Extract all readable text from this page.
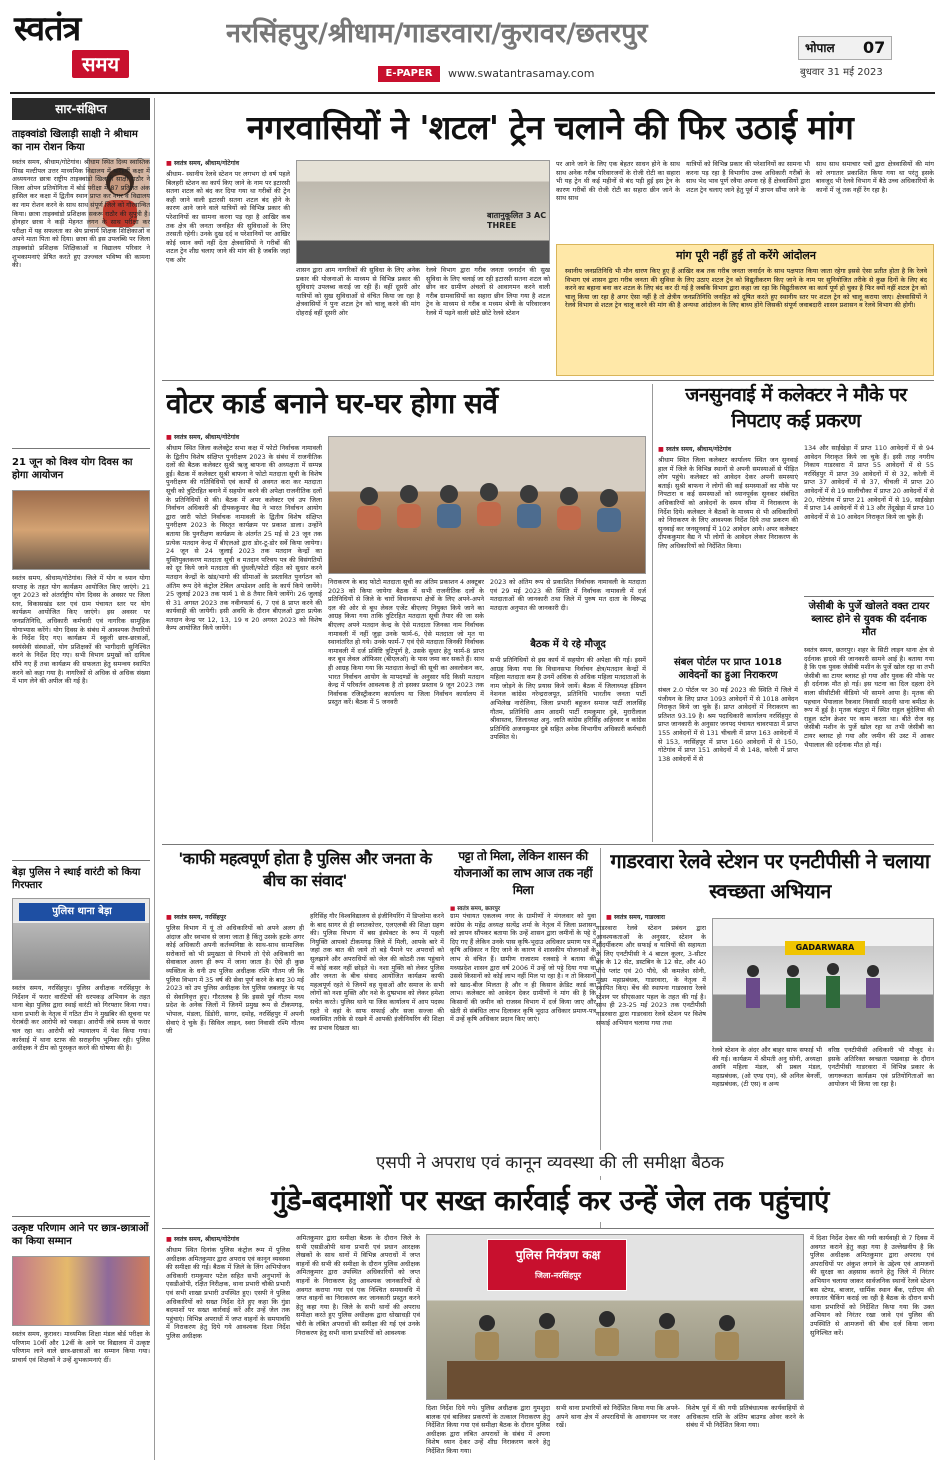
स्वतंत्र
समय
नरसिंहपुर/श्रीधाम/गाडरवारा/कुरावर/छतरपुर
E-PAPER	www.swatantrasamay.com
भोपाल 07
बुधवार 31 मई 2023
सार-संक्षिप्त
ताइक्वांडो खिलाड़ी साक्षी ने श्रीधाम का नाम रोशन किया
स्वतंत्र समय, श्रीधाम/गोटेगांव। श्रीधाम स्थित दिव्य स्वास्तिक मिस्ड मल्टीपल उत्तर माध्यमिक विद्यालय में बारहवीं कक्षा में अध्ययनरत छात्रा राष्ट्रीय ताइक्वांडो खिलाड़ी साक्षी राठौर ने जिला ओपन प्रतियोगिता में बोर्ड परीक्षा में 87 प्रतिशत अंक हासिल कर कक्षा में द्वितीय स्थान प्राप्त कर नगर व विद्यालय का नाम रोशन करने के साथ साथ संपूर्ण जिले को गौरवान्वित किया। छात्रा ताइक्वांडो प्रशिक्षक सकरू राठौर की सुपुत्री है। होनहार छात्रा ने कड़ी मेहनत लगन के साथ परीक्षा कर परीक्षा में यह सफलता का श्रेय प्राचार्य शिक्षक शिक्षिकाओं व अपने माता पिता को दिया। छात्रा की इस उपलब्धि पर जिला ताइक्वांडो प्रशिक्षक शिक्षिकाओं व विद्यालय परिवार ने शुभकामनाएं प्रेषित करते हुए उज्ज्वल भविष्य की कामना की।
21 जून को विश्व योग दिवस का होगा आयोजन
स्वतंत्र समय, श्रीधाम/गोटेगांव। जिले में योग व ध्यान योगा सप्ताह के तहत योग कार्यक्रम आयोजित किए जाएंगे। 21 जून 2023 को अंतर्राष्ट्रीय योग दिवस के अवसर पर जिला स्तर, विकासखंड स्तर एवं ग्राम पंचायत स्तर पर योग कार्यक्रम आयोजित किए जाएंगे। इस अवसर पर जनप्रतिनिधि, अधिकारी कर्मचारी एवं नागरिक सामूहिक योगाभ्यास करेंगे। योग दिवस के संबंध में आवश्यक तैयारियों के निर्देश दिए गए। कार्यक्रम में स्कूली छात्र-छात्राओं, स्वयंसेवी संस्थाओं, योग प्रशिक्षकों की भागीदारी सुनिश्चित करने के निर्देश दिए गए। सभी विभाग प्रमुखों को दायित्व सौंपे गए हैं तथा कार्यक्रम की सफलता हेतु समन्वय स्थापित करने को कहा गया है। नागरिकों से अधिक से अधिक संख्या में भाग लेने की अपील की गई है।
बेड़ा पुलिस ने स्थाई वारंटी को किया गिरफ्तार
पुलिस थाना बेड़ा
स्वतंत्र समय, नरसिंहपुर। पुलिस अधीक्षक नरसिंहपुर के निर्देशन में फरार वारंटियों की धरपकड़ अभियान के तहत थाना बेड़ा पुलिस द्वारा स्थाई वारंटी को गिरफ्तार किया गया। थाना प्रभारी के नेतृत्व में गठित टीम ने मुखबिर की सूचना पर घेराबंदी कर आरोपी को पकड़ा। आरोपी लंबे समय से फरार चल रहा था। आरोपी को न्यायालय में पेश किया गया। कार्रवाई में थाना स्टाफ की सराहनीय भूमिका रही। पुलिस अधीक्षक ने टीम को पुरस्कृत करने की घोषणा की है।
उत्कृष्ट परिणाम आने पर छात्र-छात्राओं का किया सम्मान
स्वतंत्र समय, कुरावर। माध्यमिक शिक्षा मंडल बोर्ड परीक्षा के परिणाम 10वीं और 12वीं के आने पर विद्यालय में उत्कृष्ट परिणाम लाने वाले छात्र-छात्राओं का सम्मान किया गया। प्राचार्य एवं शिक्षकों ने उन्हें शुभकामनाएं दीं।
नगरवासियों ने 'शटल' ट्रेन चलाने की फिर उठाई मांग
■ स्वतंत्र समय, श्रीधाम/गोटेगांव
श्रीधाम- स्थानीय रेलवे स्टेशन पर लगभग दो वर्ष पहले बिलहरी स्टेशन का कार्य किए जाने के नाम पर इटारसी सतना शटल को बंद कर दिया गया था गरीबों की ट्रेन कही जाने वाली इटारसी सतना शटल बंद होने के कारण आने जाने वाले यात्रियों को विभिन्न प्रकार की परेशानियों का सामना करना पड़ रहा है आखिर कब तक क्षेत्र की जनता जनहित की सुविधाओं के लिए तरसती रहेगी। उनके दुख दर्द व परेशानियों पर आखिर कोई ध्यान क्यों नहीं देता क्षेत्रवासियों ने गरीबों की शटल ट्रेन शीघ्र चलाए जाने की मांग की है जबकि जहां एक ओर
बातानुकूलित 3 AC THREE
शासन द्वारा आम नागरिकों की सुविधा के लिए अनेक प्रकार की योजनाओं के माध्यम से विभिन्न प्रकार की सुविधाएं उपलब्ध कराई जा रही हैं। वहीं दूसरी ओर यात्रियों को सुख सुविधाओं से वंचित किया जा रहा है क्षेत्रवासियों ने पुनः शटल ट्रेन को चालू करने की मांग दोहराई वहीं दूसरी ओर
रेलवे विभाग द्वारा गरीब जनता जनार्दन की सुख सुविधा के लिए चलाई जा रही इटारसी सतना शटल को छीन कर ग्रामीण अंचलों से आवागमन करने वाली गरीब ग्रामवासियों का सहारा छीन लिया गया है शटल ट्रेन के माध्यम से गरीब व मध्यम श्रेणी के परिवारजन रेलवे में पढ़ने वाली छोटे छोटे रेलवे स्टेशन
पर आने जाने के लिए एक बेहतर साधन होने के साथ साथ अनेक गरीब परिवारजनों के रोजी रोटी का सहारा भी यह ट्रेन थी कई महीनों से बंद पड़ी हुई इस ट्रेन के कारण गरीबों की रोजी रोटी का सहारा छीन जाने के साथ साथ
यात्रियों को विभिन्न प्रकार की परेशानियों का सामना भी करना पड़ रहा है विभागीय उच्च अधिकारी गरीबों के साथ भेद भाव पूर्ण रवैया अपना रहे हैं क्षेत्रवासियों द्वारा शटल ट्रेन चलाए जाने हेतु पूर्व में ज्ञापन सौंपा जाने के
साथ साथ समाचार पत्रों द्वारा क्षेत्रवासियों की मांग को लगातार प्रकाशित किया गया था परंतु इसके बावजूद भी रेलवे विभाग में बैठे उच्च अधिकारियों के कानों में जूं तक नहीं रेंग रहा है।
मांग पूरी नहीं हुई तो करेंगे आंदोलन
स्थानीय जनप्रतिनिधि भी मौन धारण किए हुए हैं आखिर कब तक गरीब जनता जनार्दन के साथ पक्षपात किया जाता रहेगा इससे ऐसा प्रतीत होता है कि रेलवे विभाग एवं शासन द्वारा गरीब जनता की सुविधा के लिए उठाए शटल ट्रेन को विद्युतीकरण किए जाने के नाम पर सुनियोजित तरीके से कुछ दिनों के लिए बंद करने का बहाना बना कर शटल के लिए बंद कर दी गई है जबकि विभाग द्वारा कहा जा रहा कि विद्युतीकरण का कार्य पूर्ण हो चुका है फिर क्यों नहीं शटल ट्रेन को चालू किया जा रहा है अगर ऐसा नहीं है तो क्षेत्रीय जनप्रतिनिधि जनहित को दूषित करते हुए स्थानीय स्तर पर शटल ट्रेन को चालू कराया जाए। क्षेत्रवासियों ने रेलवे विभाग से शटल ट्रेन चालू करने की मांग की है अन्यथा आंदोलन के लिए बाध्य होंगे जिसकी संपूर्ण जवाबदारी शासन प्रशासन व रेलवे विभाग की होगी।
वोटर कार्ड बनाने घर-घर होगा सर्वे
■ स्वतंत्र समय, श्रीधाम/गोटेगांव
श्रीधाम स्थित जिला कलेक्ट्रेट सभा कक्ष में फोटो निर्वाचक नामावली के द्वितीय विशेष संक्षिप्त पुनरीक्षण 2023 के संबंध में राजनीतिक दलों की बैठक कलेक्टर सुश्री ऋजु बाफना की अध्यक्षता में सम्पन्न हुई। बैठक में कलेक्टर सुश्री बाफना ने फोटो मतदाता सूची के विशेष पुनरीक्षण की गतिविधियों एवं कार्यों से अवगत करा कर मतदाता सूची को त्रुटिरहित बनाने में सहयोग करने की अपेक्षा राजनीतिक दलों के प्रतिनिधियों से की। बैठक में अपर कलेक्टर एवं उप जिला निर्वाचन अधिकारी श्री दीपककुमार वैद्य ने भारत निर्वाचन आयोग द्वारा जारी फोटो निर्वाचक नामावली के द्वितीय विशेष संक्षिप्त पुनरीक्षण 2023 के विस्तृत कार्यक्रम पर प्रकाश डाला। उन्होंने बताया कि पुनरीक्षण कार्यक्रम के अंतर्गत 25 मई से 23 जून तक प्रत्येक मतदान केन्द्र में बीएलओ द्वारा डोर-टू-डोर सर्वे किया जायेगा। 24 जून से 24 जुलाई 2023 तक मतदान केन्द्रों का युक्तियुक्तकरण मतदाता सूची व मतदान परिचय पत्र की विसंगतियों को दूर किये जाने मतदाता की धुंधली/फोटो रहित को सुधार करने मतदान केन्द्रों के खंड/भागो की सीमाओं के प्रस्तावित पुनर्गठन को अंतिम रूप देने कंट्रोल टेबिल अपडेशन आदि के कार्य किये जायेंगे। 25 जुलाई 2023 तक फार्म 1 से 8 तैयार किये जायेंगे। 26 जुलाई से 31 अगस्त 2023 तक नवीनफार्म 6, 7 एवं 8 प्राप्त करने की कार्यवाही की जायेगी। इसी अवधि के दौरान बीएलओ द्वारा प्रत्येक मतदान केन्द्र पर 12, 13, 19 व 20 अगस्त 2023 को विशेष कैम्प आयोजित किये जायेंगे।
निराकरण के बाद फोटो मतदाता सूची का अंतिम प्रकाशन 4 अक्टूबर 2023 को किया जायेगा बैठक में सभी राजनीतिक दलों के प्रतिनिधियों से जिले के चारों विधानसभा क्षेत्रों के लिए अपने-अपने दल की ओर से बूथ लेवल एजेंट बीएलए नियुक्त किये जाने का आग्रह किया गया ताकि त्रुटिरहित मतदाता सूची तैयार की जा सके बीएलए अपने मतदान केन्द्र के ऐसे मतदाता जिनका नाम निर्वाचक नामावली में नहीं जुड़ा उनके फार्म-6, ऐसे मतदाता जो मृत या स्थानांतरित हो गये। उनके फार्म-7 एवं ऐसे मतदाता जिनकी निर्वाचक नामावली में दर्ज प्रविष्टि त्रुटिपूर्ण है, उसके सुधार हेतु फार्म-8 प्राप्त कर बूथ लेवल ऑफिसर (बीएलओ) के पास जमा कर सकते हैं। साथ ही आग्रह किया गया कि मतदाता केन्द्रों की सूची का अवलोकन कर, भारत निर्वाचन आयोग के मापदण्डों के अनुसार यदि किसी मतदान केन्द्र में परिवर्तन आवश्यक है तो इसका प्रस्ताव 9 जून 2023 तक निर्वाचक रजिस्ट्रीकरण कार्यालय या जिला निर्वाचन कार्यालय में प्रस्तुत करें। बैठक में 5 जनवरी
2023 को अंतिम रूप से प्रकाशित निर्वाचक नामावली के मतदाता एवं 29 मई 2023 की स्थिति में निर्वाचक नामावली में दर्ज मतदाताओं की जानकारी तथा जिले में पुरुष मत दाता के विरूद्ध मतदाता अनुपात की जानकारी दी।
बैठक में ये रहे मौजूद
सभी प्रतिनिधियों से इस कार्य में सहयोग की अपेक्षा की गई। इसमें आग्रह किया गया कि विधानसभा निर्वाचन क्षेत्र/मतदान केन्द्रों में महिला मतदाता कम है उनमें अधिक से अधिक महिला मतदाताओं के नाम जोड़ने के लिए प्रयास किये जायें। बैठक में जिलाध्यक्ष इंडियन नेशनल कांग्रेस नरेन्द्रराजपूत, प्रतिनिधि भारतीय जनता पार्टी अभिलेख नारोलिया, जिला प्रभारी बहुजन समाज पार्टी लालसिंह गौतम, प्रतिनिधि आम आदमी पार्टी रामकुमार दुबे, मुरारीलाल श्रीवास्तव, जिलाध्यक्ष अनु. जाति कांग्रेस हरिसिंह अहिरवार व कांग्रेस प्रतिनिधि अजयकुमार दुबे सहित अनेक विभागीय अधिकारी कर्मचारी उपस्थित थे।
जनसुनवाई में कलेक्टर ने मौके पर निपटाए कई प्रकरण
■ स्वतंत्र समय, श्रीधाम/गोटेगांव
श्रीधाम स्थित जिला कलेक्टर कार्यालय स्थित जन सुनवाई हाल में जिले के विभिन्न स्थानों से अपनी समस्याओं से पीड़ित लोग पहुंचे। कलेक्टर को आवेदन देकर अपनी समस्याएं बताई। सुश्री बाफना ने लोगों की कई समस्याओं का मौके पर निपटारा व कई समस्याओं को ध्यानपूर्वक सुनकर संबंधित अधिकारियों को आवेदनों के समय सीमा में निराकरण के निर्देश दिये। कलेक्टर ने बैठकों के माध्यम से भी अधिकारियों को निराकरण के लिए आवश्यक निर्देश दिये तथा प्रकरण की सुनवाई कर जनसुनवाई में 102 आवेदन आये। अपर कलेक्टर दीपककुमार वैद्य ने भी लोगों के आवेदन लेकर निराकरण के लिए अधिकारियों को निर्देशित किया।
संबल पोर्टल पर प्राप्त 1018 आवेदनों का हुआ निराकरण
संबल 2.0 पोर्टल पर 30 मई 2023 की स्थिति में जिले में पंजीयन के लिए प्राप्त 1093 आवेदनों में से 1018 आवेदन निराकृत किये जा चुके हैं। प्राप्त आवेदनों में निराकरण का प्रतिशत 93.19 है। श्रम पदाधिकारी कार्यालय नरसिंहपुर से प्राप्त जानकारी के अनुसार जनपद पंचायत चावरपाठा में प्राप्त 155 आवेदनों में से 131 चीचली में प्राप्त 163 आवेदनों में से 153, नरसिंहपुर में प्राप्त 160 आवेदनों में से 150, गोटेगांव में प्राप्त 151 आवेदनों में से 148, करेली में प्राप्त 138 आवेदनों में से
134 और साईंखेड़ा में प्राप्त 110 आवेदनों में से 94 आवेदन निराकृत किये जा चुके हैं। इसी तरह नगरीय निकाय गाडरवारा में प्राप्त 55 आवेदनों में से 55 नरसिंहपुर में प्राप्त 39 आवेदनों में से 32, करेली में प्राप्त 37 आवेदनों में से 37, चीचली में प्राप्त 20 आवेदनों में से 19 सालीचौका में प्राप्त 20 आवेदनों में से 20, गोटेगांव में प्राप्त 21 आवेदनों में से 19, साईंखेड़ा में प्राप्त 14 आवेदनों में से 13 और तेंदूखेड़ा में प्राप्त 10 आवेदनों में से 10 आवेदन निराकृत किये जा चुके हैं।
जेसीबी के पुर्जे खोलते वक्त टायर ब्लास्ट होने से युवक की दर्दनाक मौत
स्वतंत्र समय, छतरपुर। शहर के सिटी लाइन थाना क्षेत्र से दर्दनाक हादसे की जानकारी सामने आई है। बताया गया है कि एक युवक जेसीबी मशीन के पुर्जे खोल रहा था तभी जेसीबी का टायर ब्लास्ट हो गया और युवक की मौके पर ही दर्दनाक मौत हो गई। इस घटना का दिल दहला देने वाला सीसीटीवी वीडियो भी सामने आया है। मृतक की पहचान भैयालाल रैकवार निवासी सादनी थाना बमीठा के रूप में हुई है। मृतक चंद्रपुरा में स्थित राहुल बुंदेलिया की राहुल स्टोन क्रेशर पर काम करता था। बीते रोज वह जेसीबी मशीन के पुर्जे खोल रहा था तभी जेसीबी का टायर ब्लास्ट हो गया और जमीन की उस्ट में आकर भैयालाल की दर्दनाक मौत हो गई।
'काफी महत्वपूर्ण होता है पुलिस और जनता के बीच का संवाद'
■ स्वतंत्र समय, नरसिंहपुर
पुलिस विभाग में यूं तो अधिकारियों को अपने अलग ही अंदाज और स्वभाव से जाना जाता है किंतु उसके हटके अगर कोई अधिकारी अपनी कर्तव्यनिष्ठा के साथ-साथ सामाजिक सरोकारों को भी प्रमुखता से निभाये तो ऐसे अधिकारी का सेवाकाल अलग ही रूप में जाना जाता है। ऐसे ही कुछ व्यक्तित्व के धनी उप पुलिस अधीक्षक रश्मि गौतम जी कि पुलिस विभाग में 35 वर्ष की सेवा पूर्ण करने के बाद 30 मई 2023 को उप पुलिस अधीक्षक रेल पुलिस जबलपुर के पद से सेवानिवृत्त हुए। गौरतलब है कि इससे पूर्व गौतम मध्य प्रदेश के अनेक जिलों में जिनमें प्रमुख रूप से टीकमगढ़, भोपाल, मंडला, डिंडोरी, सागर, दमोह, नरसिंहपुर में अपनी सेवाएं दे चुके हैं। सिविल लाइन, स्वरा निवासी रश्मि गौतम जी
हरिसिंह गौर विश्वविद्यालय से इंजीनियरिंग में डिप्लोमा करने के बाद सागर से ही स्नातकोत्तर, एलएलबी की शिक्षा ग्रहण की। पुलिस विभाग में बस इंस्पेक्टर के रूप में पहली नियुक्ति आपको टीकमगढ़ जिले में मिली, आपके बारे में जहां तक बात की जाये तो बड़े पैमाने पर अपराधों को सुलझाने और अपराधियों को जेल की कोठरी तक पहुंचाने में कोई कसर नहीं छोड़ते थे। नशा मुक्ति को लेकर पुलिस और जनता के बीच संवाद आयोजित कार्यक्रम काफी महत्वपूर्ण रहते थे जिनमें वह युवाओं और समाज के सभी लोगों को नशा मुक्ति और नशे के दुष्प्रभाव को लेकर हमेशा सचेत करते। पुलिस थाने या जिस कार्यालय में आप पदस्थ रहते थे वहां के साफ सफाई और सजा सज्जा की व्यवस्थित तरीके से रखने में आपकी इंजीनियरिंग की शिक्षा का प्रभाव दिखता था।
पट्टा तो मिला, लेकिन शासन की योजनाओं का लाभ आज तक नहीं मिला
ग्राम पंचायत एकलव्य नगर के ग्रामीणों ने मंगलवार को युवा कांग्रेस के महेंद्र अध्यक्ष सत्येंद्र शर्मा के नेतृत्व में जिला प्रशासन को ज्ञापन सौंपकर बताया कि उन्हें शासन द्वारा जमीनों के पट्टे दे दिए गए हैं लेकिन उनके पास कृषि-भूदाउ अधिकार प्रमाण पत्र में कृषि अधिकार न दिए जाने के कारण वे शासकीय योजनाओं के लाभ से वंचित हैं। ग्रामीण राजाराम रजवाड़े ने बताया की मध्यप्रदेश शासन द्वारा वर्ष 2006 में उन्हें जो पट्टे दिया गया था उससे किसानों को कोई लाभ नहीं मिल पा रहा है। न तो किसानों को खाद-बीज मिलता है और न ही किसान क्रेडिट कार्ड का लाभ। कलेक्टर को आवेदन देकर ग्रामीणों ने मांग की है कि किसानों की जमीन को राजस्व विभाग में दर्ज किया जाए और खेती से संबंधित लाभ दिलाकर कृषि भूदाउ अधिकार प्रमाण-पत्र में उन्हें कृषि अधिकार प्रदान किए जाएं।
■ स्वतंत्र समय, छतरपुर
गाडरवारा रेलवे स्टेशन पर एनटीपीसी ने चलाया स्वच्छता अभियान
■ स्वतंत्र समय, गाडरवारा
गाडरवारा रेलवे स्टेशन प्रबंधन द्वारा आवश्यकताओं के अनुसार, स्टेशन के सौंदर्यीकरण और सफाई व यात्रियों की सहायता के लिए एनटीपीसी ने 4 बाटल कूलर, 3-सीटर बेंच के 12 सेट, डस्टबिन के 12 सेट, और 40 पौधे प्लांट एवं 20 पौधे, श्री कमलेश सोनी, मुख्य महाप्रबंधक, गाडरवारा, के नेतृत्व में स्थापित किए। बेंच की स्थापना गाडरवारा रेलवे स्टेशन पर सीएसआर पहल के तहत की गई है। साथ ही 23-25 मई 2023 तक एनटीपीसी गाडरवारा द्वारा गाडरवारा रेलवे स्टेशन पर विशेष सफाई अभियान चलाया गया तथा
GADARWARA
रेलवे स्टेशन के अंदर और बाहर साफ सफाई भी की गई। कार्यक्रम में श्रीमती अनु सोनी, अध्यक्षा अवनि महिला मंडल, श्री प्रबल मंडल, महाप्रबंधक, (ओ एण्ड एम), श्री अनिल बेनर्जी, महाप्रबंधक, (टी एस) व अन्य
वरिष्ठ एनटीपीसी अधिकारी भी मौजूद थे। इसके अतिरिक्त स्वच्छता पखवाड़ा के दौरान एनटीपीसी गाडरवारा में विभिन्न प्रकार के जागरूकता कार्यक्रम एवं प्रतियोगिताओं का आयोजन भी किया जा रहा है।
एसपी ने अपराध एवं कानून व्यवस्था की ली समीक्षा बैठक
गुंडे-बदमाशों पर सख्त कार्रवाई कर उन्हें जेल तक पहुंचाएं
■ स्वतंत्र समय, श्रीधाम/गोटेगांव
श्रीधाम स्थित दिनांक पुलिस कंट्रोल रूम में पुलिस अधीक्षक अमितकुमार द्वारा अपराध एवं कानून व्यवस्था की समीक्षा की गई। बैठक में जिले के लिंग अभियोजन अधिकारी रामकुमार पटेल सहित सभी अनुभागों के एसडीओपी, रक्षित निरीक्षक, थाना प्रभारी चौकी प्रभारी एवं सभी शाखा प्रभारी उपस्थित हुए। एसपी ने पुलिस अधिकारियों को सख्त निर्देश देते हुए कहा कि गुंडा बदमाशों पर सख्त कार्रवाई करें और उन्हें जेल तक पहुंचाएं। विभिन्न अपराधों में जप्त वाहनों के समयावधि में निराकरण हेतु दिये गये आवश्यक दिशा निर्देश पुलिस अधीक्षक
अमितकुमार द्वारा समीक्षा बैठक के दौरान जिले के सभी एसडीओपी थाना प्रभारी एवं प्रधान आरक्षक लेखकों के साथ थानों में विभिन्न अपराधों में जप्त वाहनों की सभी की समीक्षा के दौरान पुलिस अधीक्षक अमितकुमार द्वारा उपस्थित अधिकारियों को जप्त वाहनों के निराकरण हेतु आवश्यक जानकारियों से अवगत कराया गया एवं एक निश्चित समयावधि में जप्त वाहनों का निराकरण कर जानकारी प्रस्तुत करने हेतु कहा गया है। जिले के सभी थानों की अपराध समीक्षा करते हुए पुलिस अधीक्षक द्वारा धोखाधड़ी एवं चोरी के लंबित अपराधों की समीक्षा की गई एवं उनके निराकरण हेतु सभी थाना प्रभारियों को आवश्यक
पुलिस नियंत्रण कक्ष
जिला-नरसिंहपुर
दिशा निर्देश दिये गये। पुलिस अधीक्षक द्वारा गुमशुदा बालक एवं बालिका प्रकरणों के तत्काल निराकरण हेतु निर्देशित किया गया एवं समीक्षा बैठक के दौरान पुलिस अधीक्षक द्वारा लंबित अपराधों के संबंध में अपना विशेष ध्यान देकर उन्हें शीघ्र निराकरण करने हेतु निर्देशित किया गया।
सभी थाना प्रभारियों को निर्देशित किया गया कि अपने-अपने थाना क्षेत्र में अपराधियों के आवागमन पर नजर रखें।
विशेष पूर्व में की गयी प्रतिबंधात्मक कार्यवाहियों से अधिकतम राशि के अंतिम बाउण्ड ओवर करने के संबंध में भी निर्देशित किया गया।
में दिशा निर्देश देकर की गयी कार्यवाही से 7 दिवस में अवगत कराने हेतु कहा गया है उल्लेखनीय है कि पुलिस अधीक्षक अमितकुमार द्वारा अपराध एवं अपराधियों पर अंकुश लगाने के उद्देश्य एवं आमजनों की सुरक्षा का अहसास कराने हेतु जिले में निरंतर अभियान चलाया जाकर सार्वजनिक स्थानों रेलवे स्टेशन बस स्टेण्ड, बाजार, धार्मिक स्थान बैंक, एटीएम की लगातार चैकिंग कराई जा रही है बैठक के दौरान सभी थाना प्रभारियों को निर्देशित किया गया कि उक्त अभियान को निरंतर रखा जावे एवं पुलिस की उपस्थिति से आमजनों की बीच दर्ज किया जाना सुनिश्चित करें।
